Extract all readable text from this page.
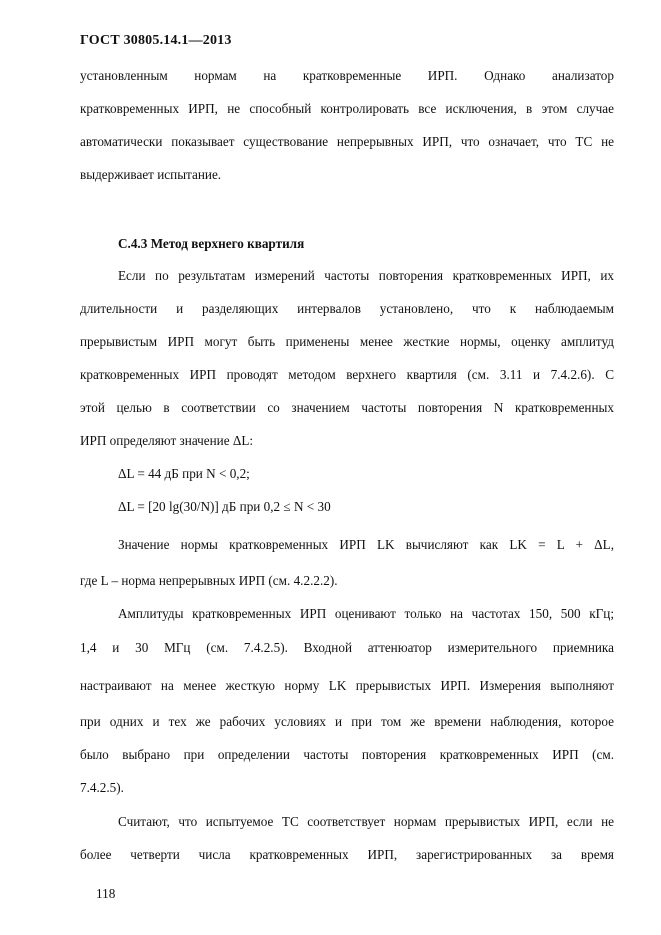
ГОСТ 30805.14.1—2013
установленным нормам на кратковременные ИРП. Однако анализатор
кратковременных ИРП, не способный контролировать все исключения, в этом случае
автоматически показывает существование непрерывных ИРП, что означает, что ТС не
выдерживает испытание.
С.4.3 Метод верхнего квартиля
Если по результатам измерений частоты повторения кратковременных ИРП, их
длительности и разделяющих интервалов установлено, что к наблюдаемым
прерывистым ИРП могут быть применены менее жесткие нормы, оценку амплитуд
кратковременных ИРП проводят методом верхнего квартиля (см. 3.11 и 7.4.2.6). С
этой целью в соответствии со значением частоты повторения N кратковременных
ИРП определяют значение ΔL:
ΔL = 44 дБ при N < 0,2;
ΔL = [20 lg(30/N)] дБ при 0,2 ≤ N < 30
Значение нормы кратковременных ИРП LK вычисляют как LK = L + ΔL,
где L – норма непрерывных ИРП (см. 4.2.2.2).
Амплитуды кратковременных ИРП оценивают только на частотах 150, 500 кГц;
1,4 и 30 МГц (см. 7.4.2.5). Входной аттенюатор измерительного приемника
настраивают на менее жесткую норму LK прерывистых ИРП. Измерения выполняют
при одних и тех же рабочих условиях и при том же времени наблюдения, которое
было выбрано при определении частоты повторения кратковременных ИРП (см.
7.4.2.5).
Считают, что испытуемое ТС соответствует нормам прерывистых ИРП, если не
более четверти числа кратковременных ИРП, зарегистрированных за время
118
